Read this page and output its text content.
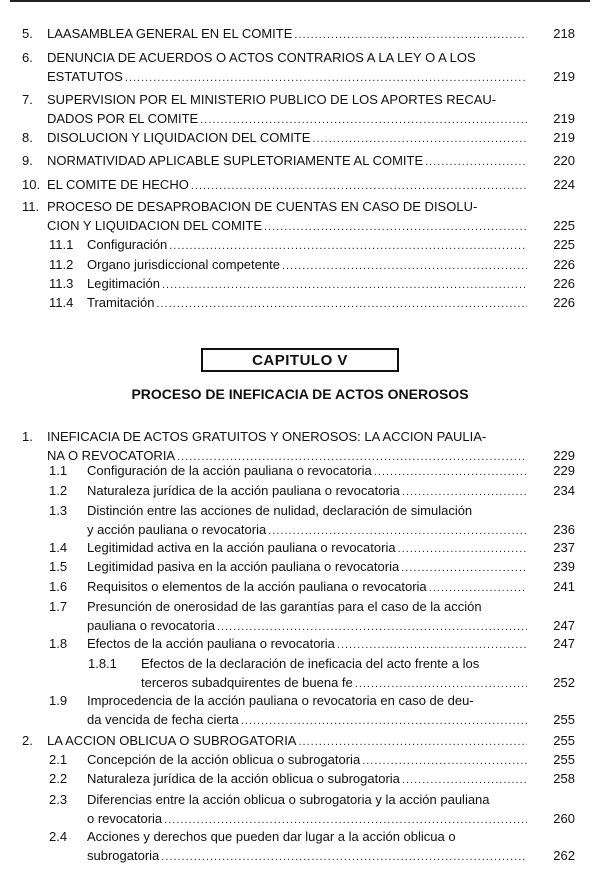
CAPITULO V
PROCESO DE INEFICACIA DE ACTOS ONEROSOS
5. LAASAMBLEA GENERAL EN EL COMITE .....	218
6. DENUNCIA DE ACUERDOS O ACTOS CONTRARIOS A LA LEY O A LOS
ESTATUTOS .....	219
7. SUPERVISION POR EL MINISTERIO PUBLICO DE LOS APORTES RECAU-
DADOS POR EL COMITE .....	219
8. DISOLUCION Y LIQUIDACION DEL COMITE .....	219
9. NORMATIVIDAD APLICABLE SUPLETORIAMENTE AL COMITE .....	220
10. EL COMITE DE HECHO .....	224
11. PROCESO DE DESAPROBACION DE CUENTAS EN CASO DE DISOLU-
CION Y LIQUIDACION DEL COMITE .....	225
11.1 Configuración .....	225
11.2 Organo jurisdiccional competente .....	226
11.3 Legitimación .....	226
11.4 Tramitación .....	226
1. INEFICACIA DE ACTOS GRATUITOS Y ONEROSOS: LA ACCION PAULIA-
NA O REVOCATORIA .....	229
1.1 Configuración de la acción pauliana o revocatoria .....	229
1.2 Naturaleza jurídica de la acción pauliana o revocatoria .....	234
1.3 Distinción entre las acciones de nulidad, declaración de simulación
y acción pauliana o revocatoria .....	236
1.4 Legitimidad activa en la acción pauliana o revocatoria .....	237
1.5 Legitimidad pasiva en la acción pauliana o revocatoria .....	239
1.6 Requisitos o elementos de la acción pauliana o revocatoria .....	241
1.7 Presunción de onerosidad de las garantías para el caso de la acción
pauliana o revocatoria .....	247
1.8 Efectos de la acción pauliana o revocatoria .....	247
1.8.1 Efectos de la declaración de ineficacia del acto frente a los
terceros subadquirentes de buena fe .....	252
1.9 Improcedencia de la acción pauliana o revocatoria en caso de deu-
da vencida de fecha cierta .....	255
2. LA ACCION OBLICUA O SUBROGATORIA .....	255
2.1 Concepción de la acción oblicua o subrogatoria .....	255
2.2 Naturaleza jurídica de la acción oblicua o subrogatoria .....	258
2.3 Diferencias entre la acción oblicua o subrogatoria y la acción pauliana
o revocatoria .....	260
2.4 Acciones y derechos que pueden dar lugar a la acción oblicua o
subrogatoria .....	262
